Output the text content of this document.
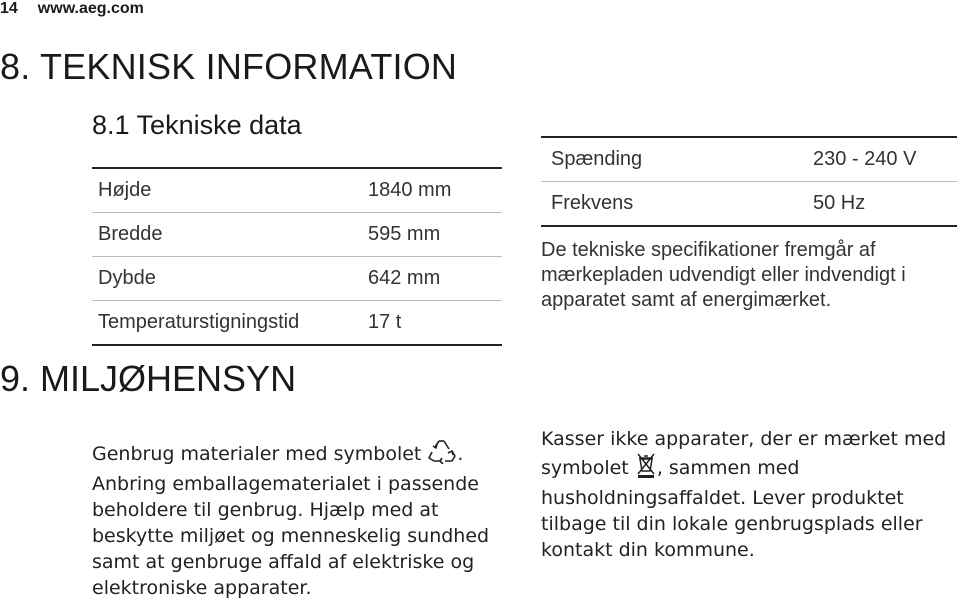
14 www.aeg.com
8. TEKNISK INFORMATION
8.1 Tekniske data
Højde	1840 mm
Bredde	595 mm
Dybde	642 mm
Temperaturstigningstid	17 t
Spænding	230 - 240 V
Frekvens	50 Hz
De tekniske specifikationer fremgår af mærkepladen udvendigt eller indvendigt i apparatet samt af energimærket.
9. MILJØHENSYN
Genbrug materialer med symbolet . Anbring emballagematerialet i passende beholdere til genbrug. Hjælp med at beskytte miljøet og menneskelig sundhed samt at genbruge affald af elektriske og elektroniske apparater.
Kasser ikke apparater, der er mærket med symbolet , sammen med husholdningsaffaldet. Lever produktet tilbage til din lokale genbrugsplads eller kontakt din kommune.
